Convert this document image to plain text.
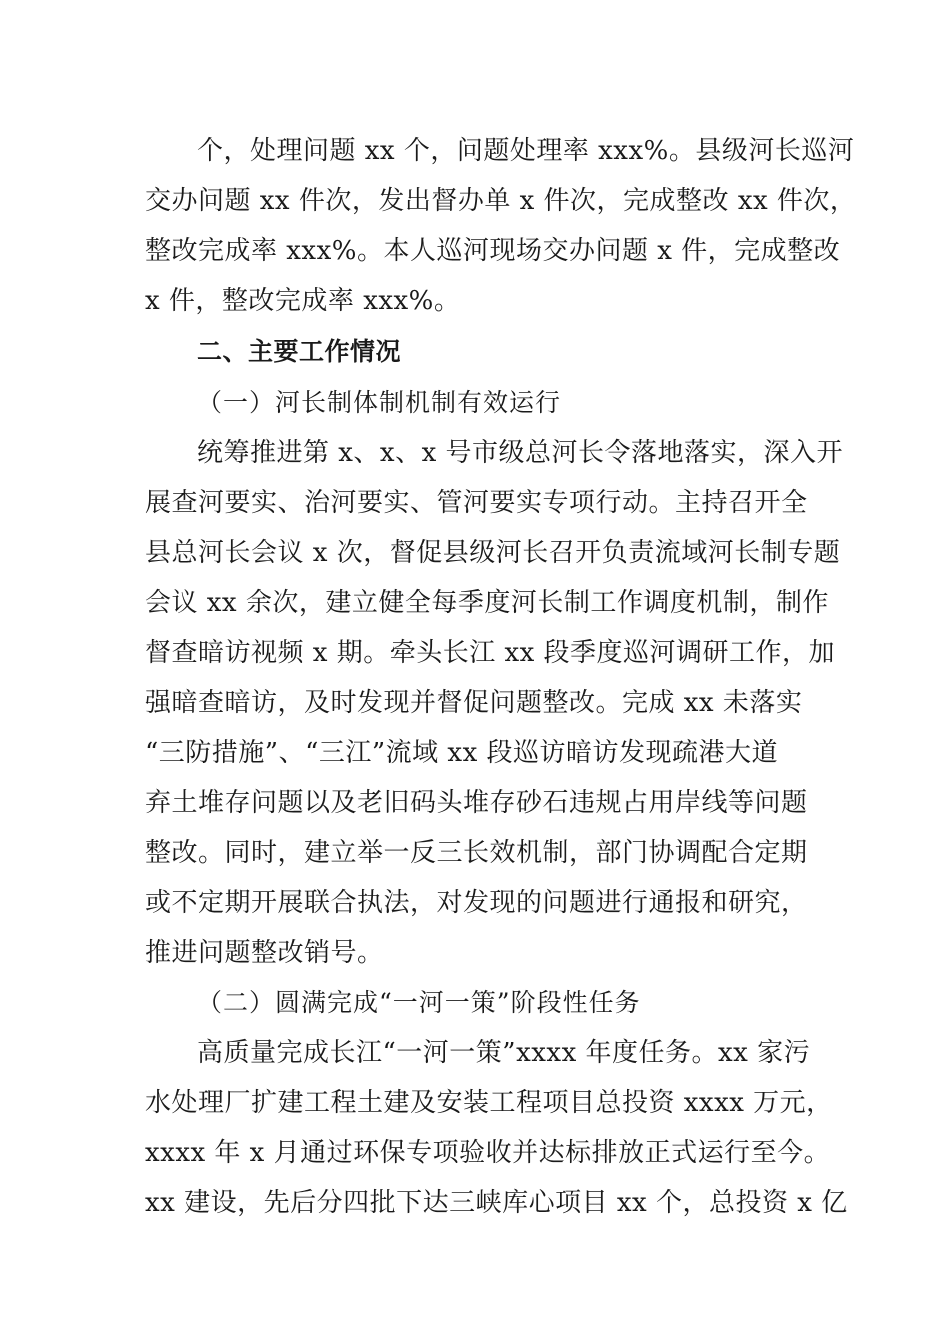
个，处理问题 xx 个，问题处理率 xxx%。县级河长巡河
交办问题 xx 件次，发出督办单 x 件次，完成整改 xx 件次，
整改完成率 xxx%。本人巡河现场交办问题 x 件，完成整改
x 件，整改完成率 xxx%。
二、主要工作情况
（一）河长制体制机制有效运行
统筹推进第 x、x、x 号市级总河长令落地落实，深入开
展查河要实、治河要实、管河要实专项行动。主持召开全
县总河长会议 x 次，督促县级河长召开负责流域河长制专题
会议 xx 余次，建立健全每季度河长制工作调度机制，制作
督查暗访视频 x 期。牵头长江 xx 段季度巡河调研工作，加
强暗查暗访，及时发现并督促问题整改。完成 xx 未落实
“三防措施”、“三江”流域 xx 段巡访暗访发现疏港大道
弃土堆存问题以及老旧码头堆存砂石违规占用岸线等问题
整改。同时，建立举一反三长效机制，部门协调配合定期
或不定期开展联合执法，对发现的问题进行通报和研究，
推进问题整改销号。
（二）圆满完成“一河一策”阶段性任务
高质量完成长江“一河一策”xxxx 年度任务。xx 家污
水处理厂扩建工程土建及安装工程项目总投资 xxxx 万元，
xxxx 年 x 月通过环保专项验收并达标排放正式运行至今。
xx 建设，先后分四批下达三峡库心项目 xx 个，总投资 x 亿
